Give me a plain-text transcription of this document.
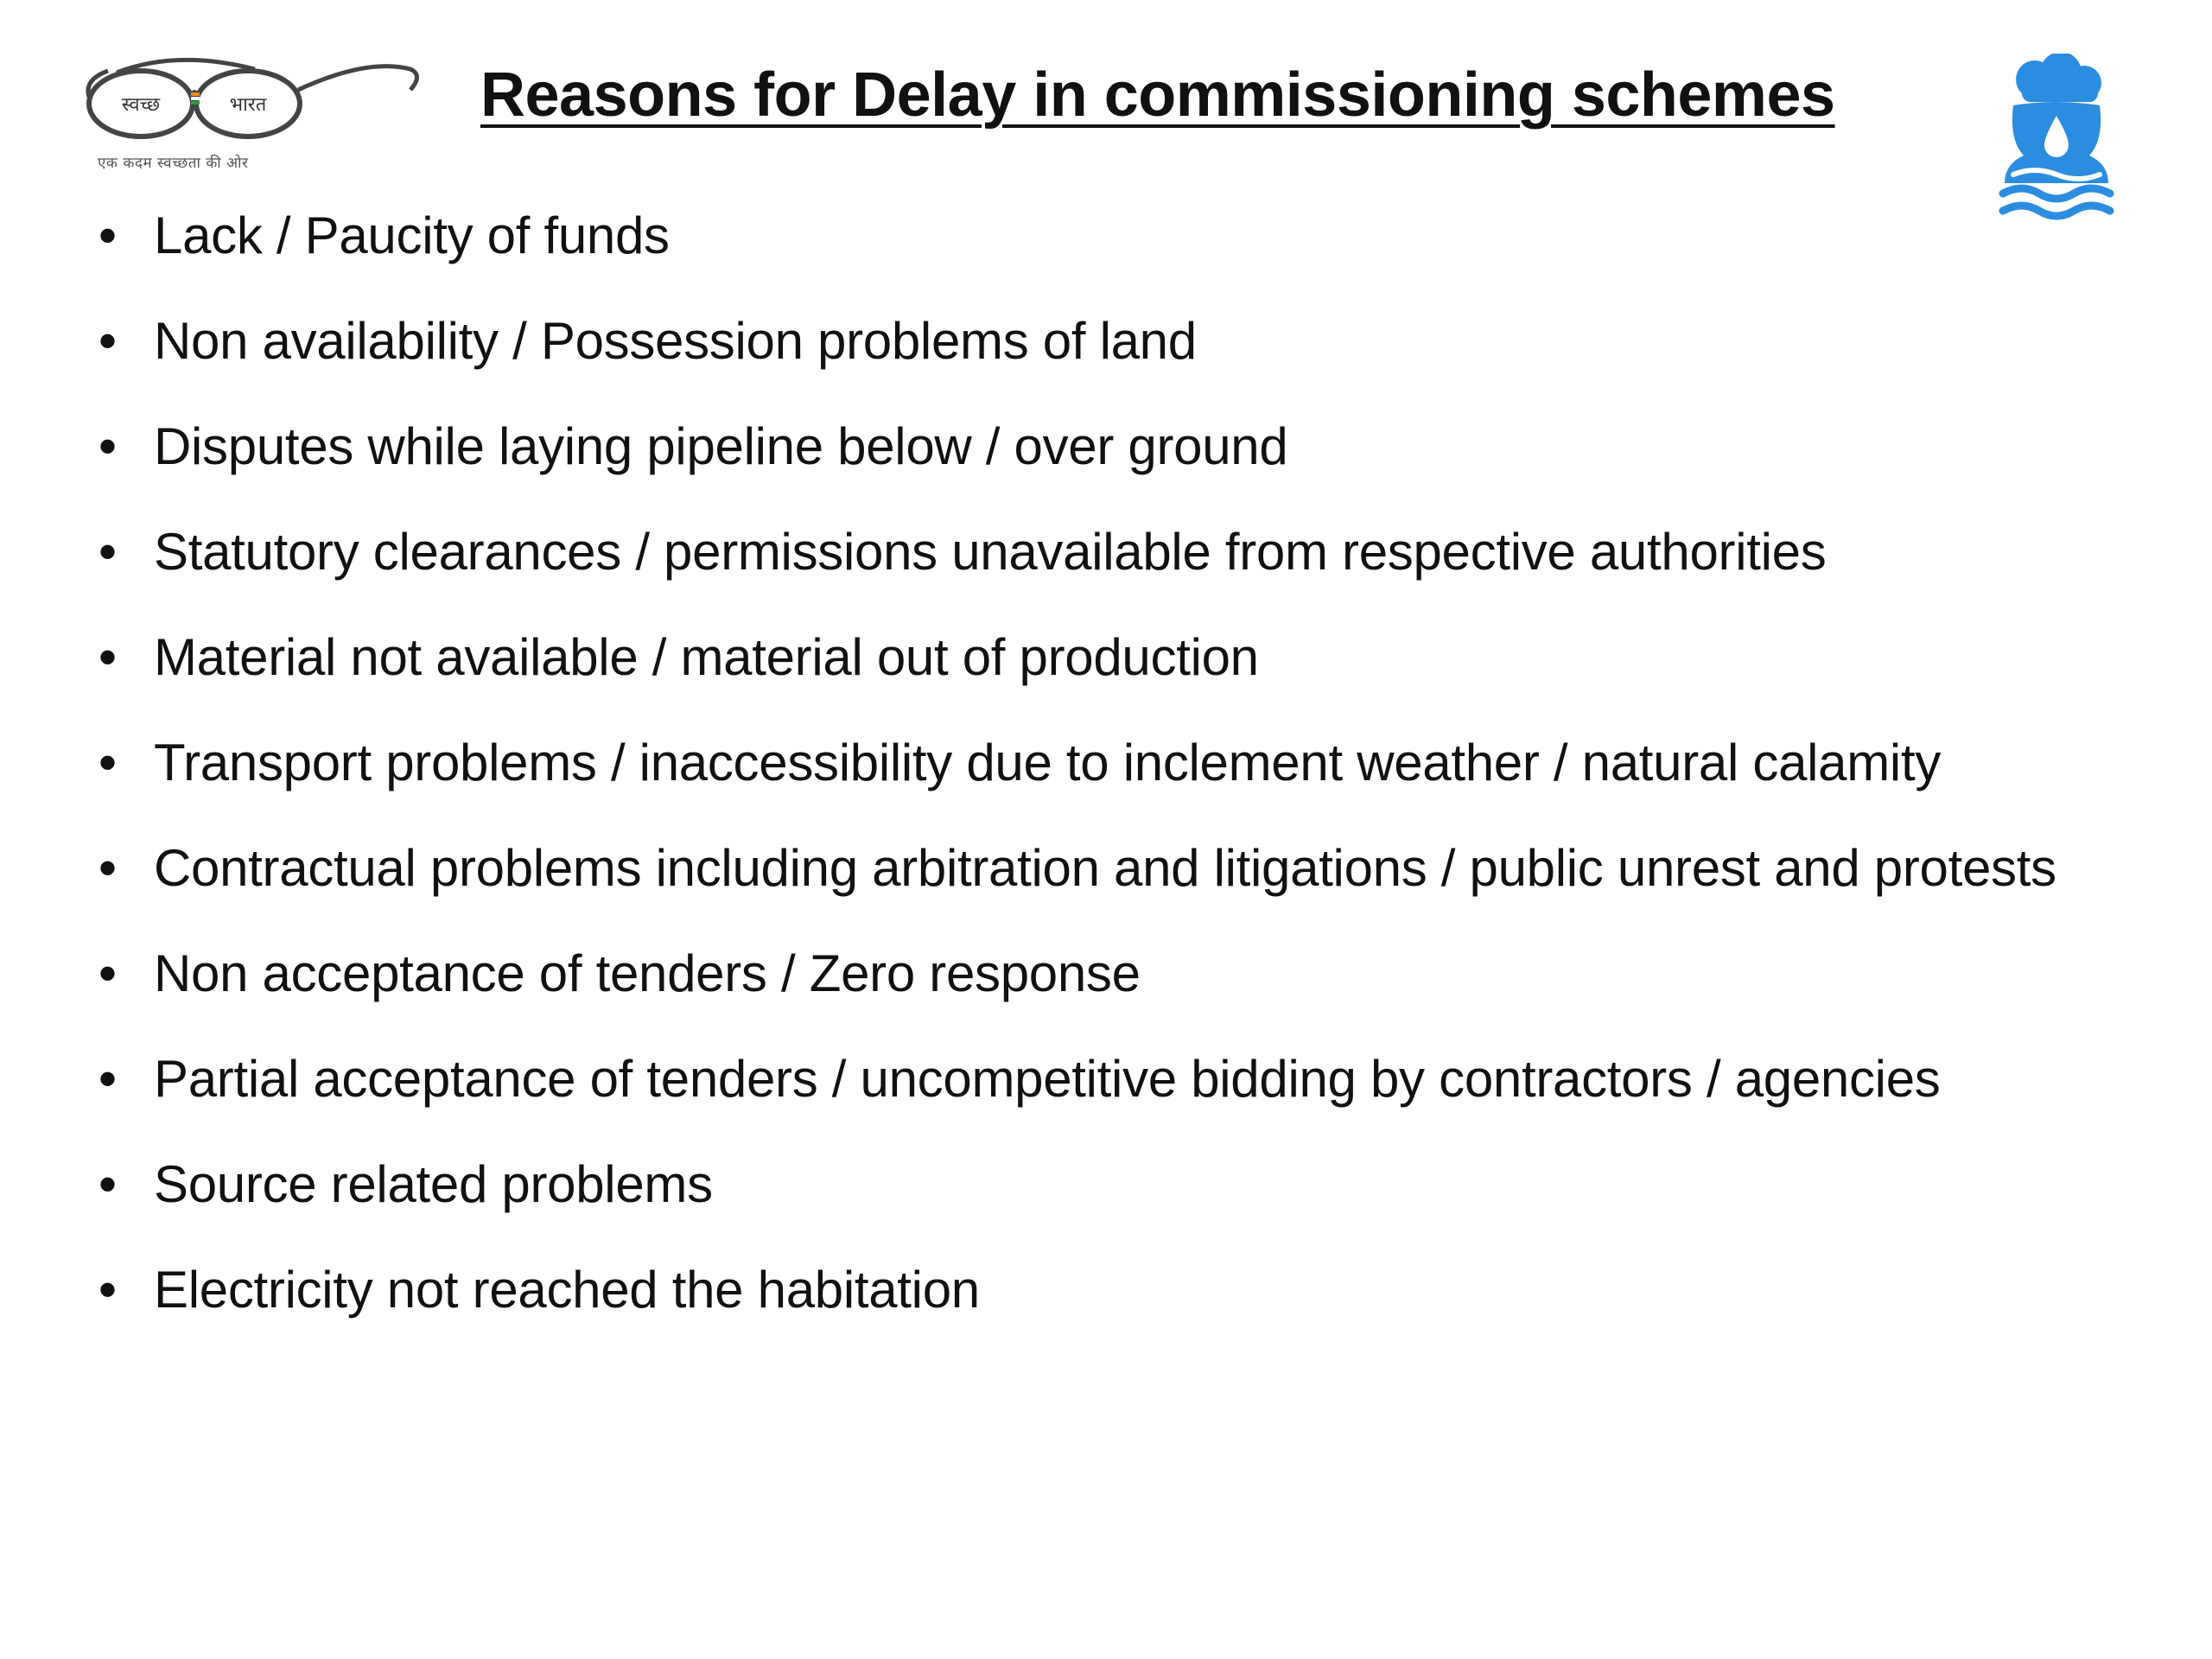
स्वच्छ	भारत
एक कदम स्वच्छता की ओर
Reasons for Delay in commissioning schemes
• Lack / Paucity of funds
• Non availability / Possession problems of land
• Disputes while laying pipeline below / over ground
• Statutory clearances / permissions unavailable from respective authorities
• Material not available / material out of production
• Transport problems / inaccessibility due to inclement weather / natural calamity
• Contractual problems including arbitration and litigations / public unrest and protests
• Non acceptance of tenders / Zero response
• Partial acceptance of tenders / uncompetitive bidding by contractors / agencies
• Source related problems
• Electricity not reached the habitation
